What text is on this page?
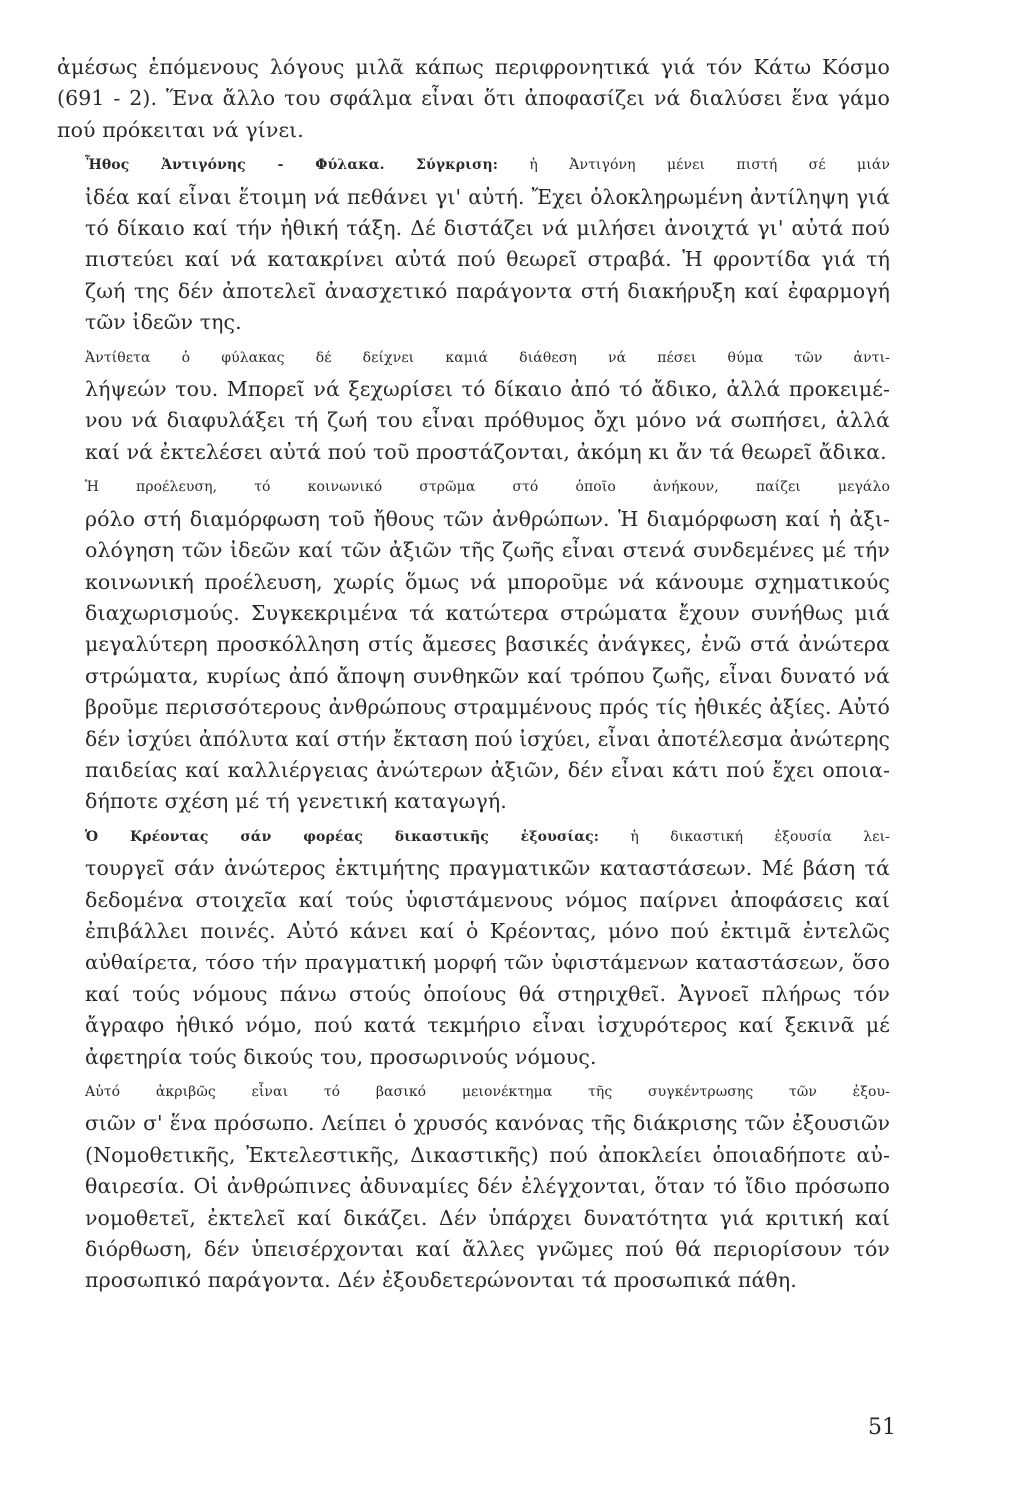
ἀμέσως ἑπόμενους λόγους μιλᾶ κάπως περιφρονητικά γιά τόν Κάτω Κόσμο
(691 - 2). Ἕνα ἄλλο του σφάλμα εἶναι ὅτι ἀποφασίζει νά διαλύσει ἕνα γάμο
πού πρόκειται νά γίνει.

Ἦθος Ἀντιγόνης - Φύλακα. Σύγκριση: ἡ Ἀντιγόνη μένει πιστή σέ μιάν
ἰδέα καί εἶναι ἕτοιμη νά πεθάνει γι' αὐτή. Ἔχει ὁλοκληρωμένη ἀντίληψη γιά
τό δίκαιο καί τήν ἠθική τάξη. Δέ διστάζει νά μιλήσει ἀνοιχτά γι' αὐτά πού
πιστεύει καί νά κατακρίνει αὐτά πού θεωρεῖ στραβά. Ἡ φροντίδα γιά τή
ζωή της δέν ἀποτελεῖ ἀνασχετικό παράγοντα στή διακήρυξη καί ἐφαρμογή
τῶν ἰδεῶν της.

Ἀντίθετα ὁ φύλακας δέ δείχνει καμιά διάθεση νά πέσει θύμα τῶν ἀντι-
λήψεών του. Μπορεῖ νά ξεχωρίσει τό δίκαιο ἀπό τό ἄδικο, ἀλλά προκειμέ-
νου νά διαφυλάξει τή ζωή του εἶναι πρόθυμος ὄχι μόνο νά σωπήσει, ἀλλά
καί νά ἐκτελέσει αὐτά πού τοῦ προστάζονται, ἀκόμη κι ἄν τά θεωρεῖ ἄδικα.

Ἡ προέλευση, τό κοινωνικό στρῶμα στό ὁποῖο ἀνήκουν, παίζει μεγάλο
ρόλο στή διαμόρφωση τοῦ ἤθους τῶν ἀνθρώπων. Ἡ διαμόρφωση καί ἡ ἀξι-
ολόγηση τῶν ἰδεῶν καί τῶν ἀξιῶν τῆς ζωῆς εἶναι στενά συνδεμένες μέ τήν
κοινωνική προέλευση, χωρίς ὅμως νά μποροῦμε νά κάνουμε σχηματικούς
διαχωρισμούς. Συγκεκριμένα τά κατώτερα στρώματα ἔχουν συνήθως μιά
μεγαλύτερη προσκόλληση στίς ἄμεσες βασικές ἀνάγκες, ἐνῶ στά ἀνώτερα
στρώματα, κυρίως ἀπό ἄποψη συνθηκῶν καί τρόπου ζωῆς, εἶναι δυνατό νά
βροῦμε περισσότερους ἀνθρώπους στραμμένους πρός τίς ἠθικές ἀξίες. Αὐτό
δέν ἰσχύει ἀπόλυτα καί στήν ἔκταση πού ἰσχύει, εἶναι ἀποτέλεσμα ἀνώτερης
παιδείας καί καλλιέργειας ἀνώτερων ἀξιῶν, δέν εἶναι κάτι πού ἔχει οποια-
δήποτε σχέση μέ τή γενετική καταγωγή.

Ὁ Κρέοντας σάν φορέας δικαστικῆς ἐξουσίας: ἡ δικαστική ἐξουσία λει-
τουργεῖ σάν ἀνώτερος ἐκτιμήτης πραγματικῶν καταστάσεων. Μέ βάση τά
δεδομένα στοιχεῖα καί τούς ὑφιστάμενους νόμος παίρνει ἀποφάσεις καί
ἐπιβάλλει ποινές. Αὐτό κάνει καί ὁ Κρέοντας, μόνο πού ἐκτιμᾶ ἐντελῶς
αὐθαίρετα, τόσο τήν πραγματική μορφή τῶν ὑφιστάμενων καταστάσεων, ὅσο
καί τούς νόμους πάνω στούς ὁποίους θά στηριχθεῖ. Ἀγνοεῖ πλήρως τόν
ἄγραφο ἠθικό νόμο, πού κατά τεκμήριο εἶναι ἰσχυρότερος καί ξεκινᾶ μέ
ἀφετηρία τούς δικούς του, προσωρινούς νόμους.

Αὐτό ἀκριβῶς εἶναι τό βασικό μειονέκτημα τῆς συγκέντρωσης τῶν ἐξου-
σιῶν σ' ἕνα πρόσωπο. Λείπει ὁ χρυσός κανόνας τῆς διάκρισης τῶν ἐξουσιῶν
(Νομοθετικῆς, Ἐκτελεστικῆς, Δικαστικῆς) πού ἀποκλείει ὁποιαδήποτε αὐ-
θαιρεσία. Οἱ ἀνθρώπινες ἀδυναμίες δέν ἐλέγχονται, ὅταν τό ἴδιο πρόσωπο
νομοθετεῖ, ἐκτελεῖ καί δικάζει. Δέν ὑπάρχει δυνατότητα γιά κριτική καί
διόρθωση, δέν ὑπεισέρχονται καί ἄλλες γνῶμες πού θά περιορίσουν τόν
προσωπικό παράγοντα. Δέν ἐξουδετερώνονται τά προσωπικά πάθη.

51
